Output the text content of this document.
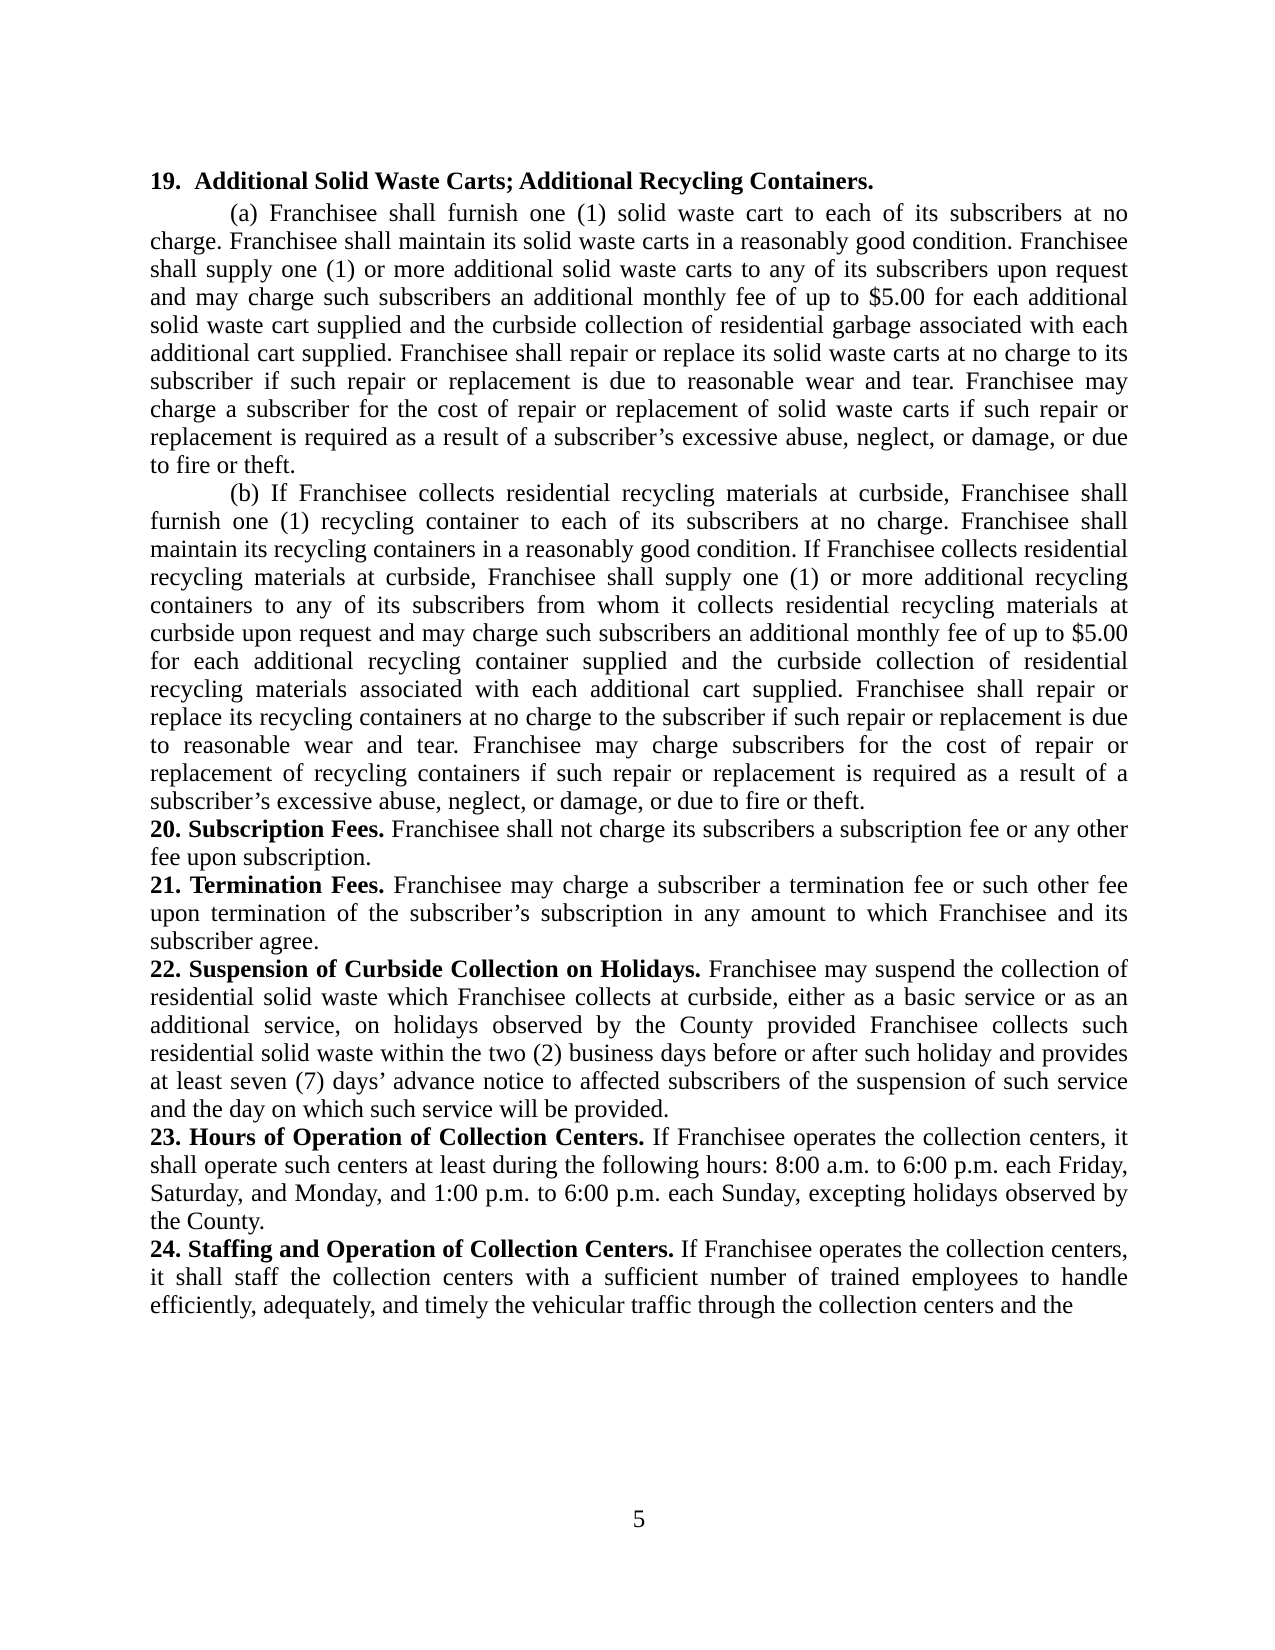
19. Additional Solid Waste Carts; Additional Recycling Containers.

(a) Franchisee shall furnish one (1) solid waste cart to each of its subscribers at no charge. Franchisee shall maintain its solid waste carts in a reasonably good condition. Franchisee shall supply one (1) or more additional solid waste carts to any of its subscribers upon request and may charge such subscribers an additional monthly fee of up to $5.00 for each additional solid waste cart supplied and the curbside collection of residential garbage associated with each additional cart supplied. Franchisee shall repair or replace its solid waste carts at no charge to its subscriber if such repair or replacement is due to reasonable wear and tear. Franchisee may charge a subscriber for the cost of repair or replacement of solid waste carts if such repair or replacement is required as a result of a subscriber’s excessive abuse, neglect, or damage, or due to fire or theft.

(b) If Franchisee collects residential recycling materials at curbside, Franchisee shall furnish one (1) recycling container to each of its subscribers at no charge. Franchisee shall maintain its recycling containers in a reasonably good condition. If Franchisee collects residential recycling materials at curbside, Franchisee shall supply one (1) or more additional recycling containers to any of its subscribers from whom it collects residential recycling materials at curbside upon request and may charge such subscribers an additional monthly fee of up to $5.00 for each additional recycling container supplied and the curbside collection of residential recycling materials associated with each additional cart supplied. Franchisee shall repair or replace its recycling containers at no charge to the subscriber if such repair or replacement is due to reasonable wear and tear. Franchisee may charge subscribers for the cost of repair or replacement of recycling containers if such repair or replacement is required as a result of a subscriber’s excessive abuse, neglect, or damage, or due to fire or theft.

20. Subscription Fees. Franchisee shall not charge its subscribers a subscription fee or any other fee upon subscription.

21. Termination Fees. Franchisee may charge a subscriber a termination fee or such other fee upon termination of the subscriber’s subscription in any amount to which Franchisee and its subscriber agree.

22. Suspension of Curbside Collection on Holidays. Franchisee may suspend the collection of residential solid waste which Franchisee collects at curbside, either as a basic service or as an additional service, on holidays observed by the County provided Franchisee collects such residential solid waste within the two (2) business days before or after such holiday and provides at least seven (7) days’ advance notice to affected subscribers of the suspension of such service and the day on which such service will be provided.

23. Hours of Operation of Collection Centers. If Franchisee operates the collection centers, it shall operate such centers at least during the following hours: 8:00 a.m. to 6:00 p.m. each Friday, Saturday, and Monday, and 1:00 p.m. to 6:00 p.m. each Sunday, excepting holidays observed by the County.

24. Staffing and Operation of Collection Centers. If Franchisee operates the collection centers, it shall staff the collection centers with a sufficient number of trained employees to handle efficiently, adequately, and timely the vehicular traffic through the collection centers and the

5
